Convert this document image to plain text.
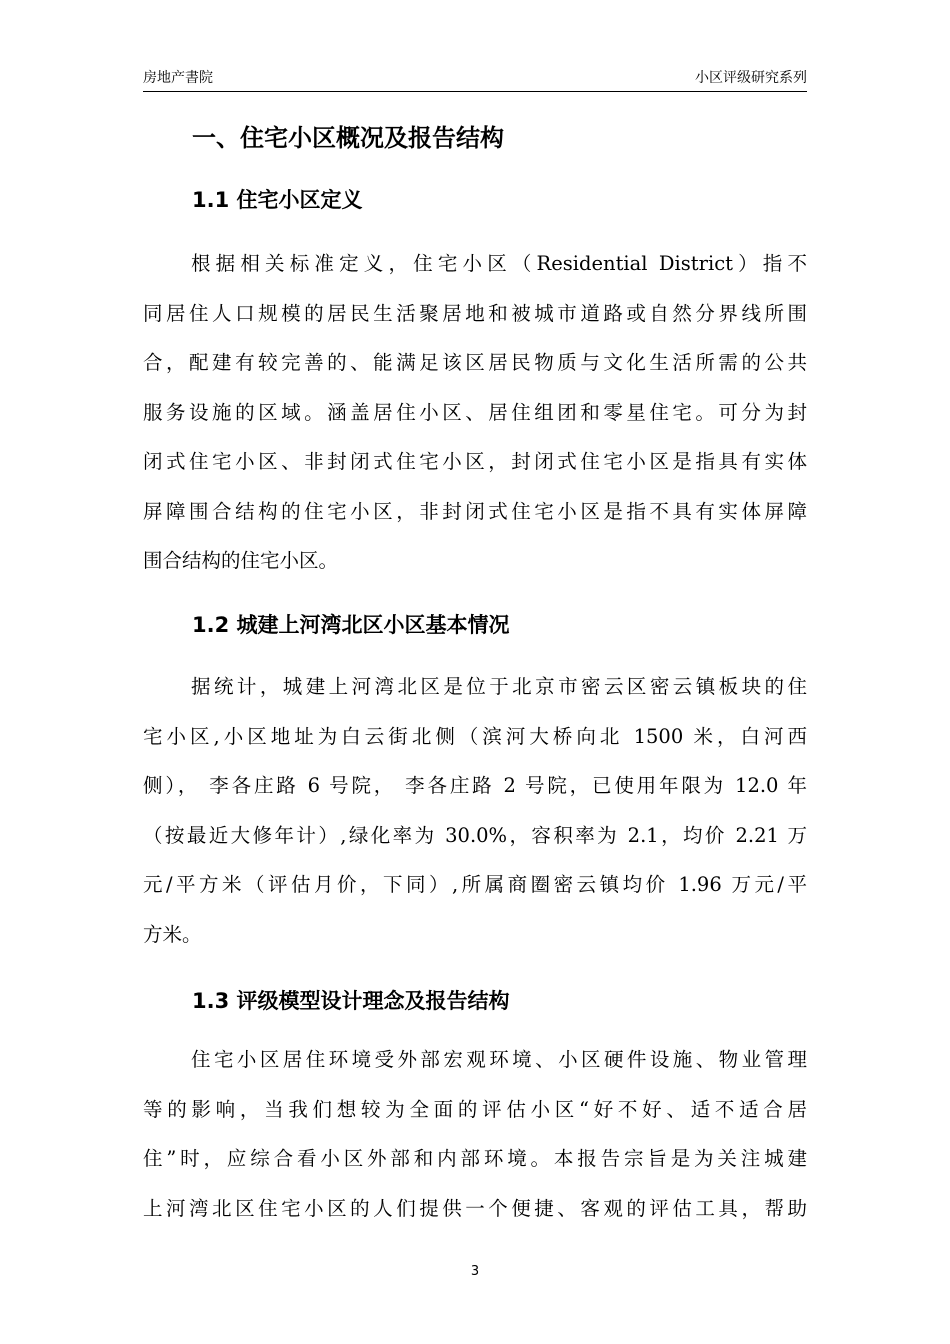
房地产書院	小区评级研究系列
一、住宅小区概况及报告结构
1.1 住宅小区定义
根据相关标准定义，住宅小区（Residential District）指不
同居住人口规模的居民生活聚居地和被城市道路或自然分界线所围
合，配建有较完善的、能满足该区居民物质与文化生活所需的公共
服务设施的区域。涵盖居住小区、居住组团和零星住宅。可分为封
闭式住宅小区、非封闭式住宅小区，封闭式住宅小区是指具有实体
屏障围合结构的住宅小区，非封闭式住宅小区是指不具有实体屏障
围合结构的住宅小区。
1.2 城建上河湾北区小区基本情况
据统计，城建上河湾北区是位于北京市密云区密云镇板块的住
宅小区,小区地址为白云街北侧（滨河大桥向北 1500 米，白河西
侧）， 李各庄路 6 号院， 李各庄路 2 号院，已使用年限为 12.0 年
（按最近大修年计）,绿化率为 30.0%，容积率为 2.1，均价 2.21 万
元/平方米（评估月价，下同）,所属商圈密云镇均价 1.96 万元/平
方米。
1.3 评级模型设计理念及报告结构
住宅小区居住环境受外部宏观环境、小区硬件设施、物业管理
等的影响，当我们想较为全面的评估小区“好不好、适不适合居
住”时，应综合看小区外部和内部环境。本报告宗旨是为关注城建
上河湾北区住宅小区的人们提供一个便捷、客观的评估工具，帮助
3
